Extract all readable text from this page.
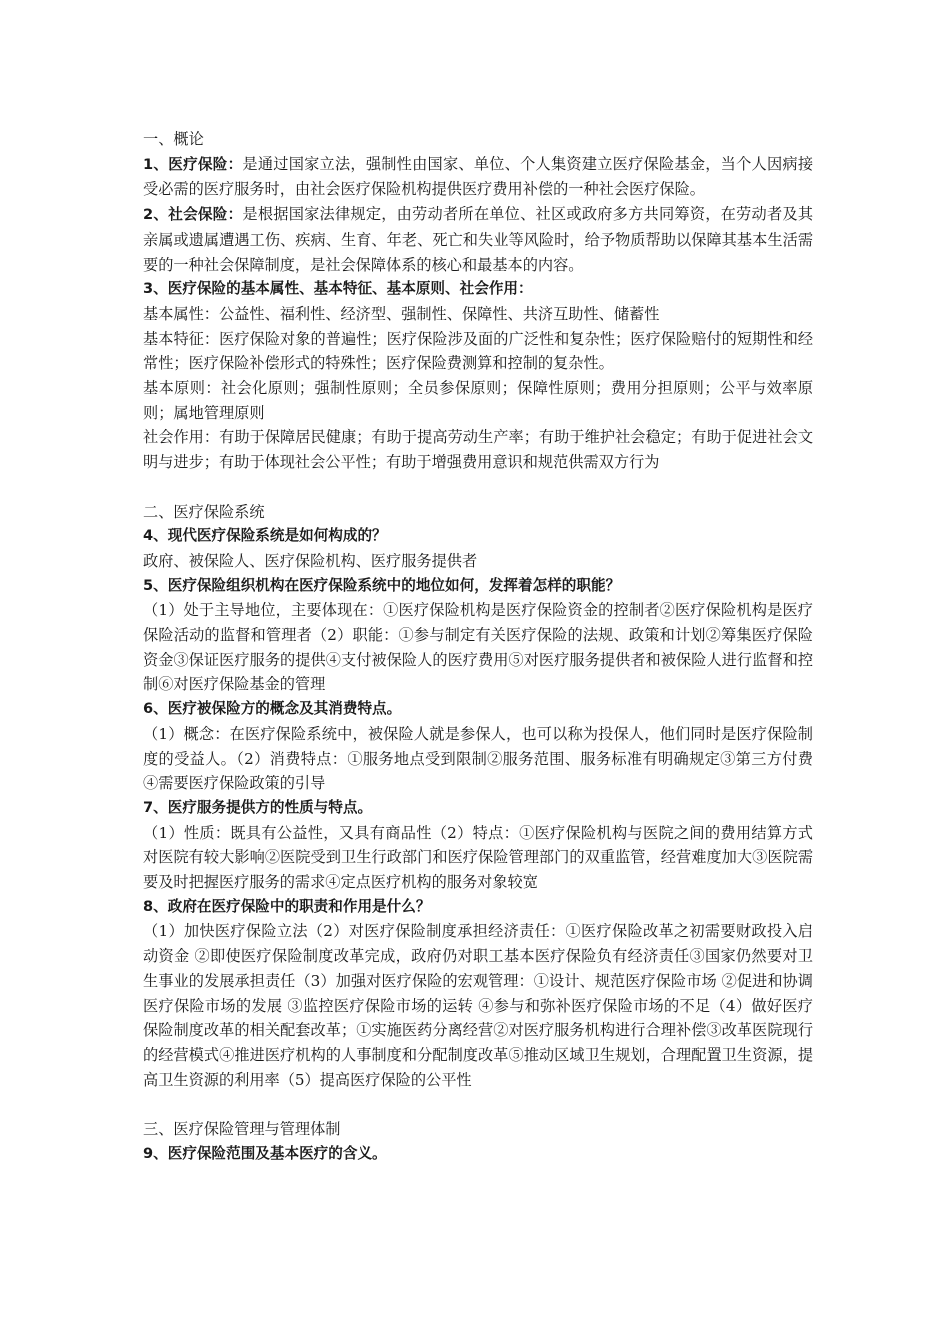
一、概论
1、医疗保险：是通过国家立法，强制性由国家、单位、个人集资建立医疗保险基金，当个人因病接受必需的医疗服务时，由社会医疗保险机构提供医疗费用补偿的一种社会医疗保险。
2、社会保险：是根据国家法律规定，由劳动者所在单位、社区或政府多方共同筹资，在劳动者及其亲属或遗属遭遇工伤、疾病、生育、年老、死亡和失业等风险时，给予物质帮助以保障其基本生活需要的一种社会保障制度，是社会保障体系的核心和最基本的内容。
3、医疗保险的基本属性、基本特征、基本原则、社会作用：
基本属性：公益性、福利性、经济型、强制性、保障性、共济互助性、储蓄性
基本特征：医疗保险对象的普遍性；医疗保险涉及面的广泛性和复杂性；医疗保险赔付的短期性和经常性；医疗保险补偿形式的特殊性；医疗保险费测算和控制的复杂性。
基本原则：社会化原则；强制性原则；全员参保原则；保障性原则；费用分担原则；公平与效率原则；属地管理原则
社会作用：有助于保障居民健康；有助于提高劳动生产率；有助于维护社会稳定；有助于促进社会文明与进步；有助于体现社会公平性；有助于增强费用意识和规范供需双方行为
二、医疗保险系统
4、现代医疗保险系统是如何构成的？
政府、被保险人、医疗保险机构、医疗服务提供者
5、医疗保险组织机构在医疗保险系统中的地位如何，发挥着怎样的职能？
（1）处于主导地位，主要体现在：①医疗保险机构是医疗保险资金的控制者②医疗保险机构是医疗保险活动的监督和管理者（2）职能：①参与制定有关医疗保险的法规、政策和计划②筹集医疗保险资金③保证医疗服务的提供④支付被保险人的医疗费用⑤对医疗服务提供者和被保险人进行监督和控制⑥对医疗保险基金的管理
6、医疗被保险方的概念及其消费特点。
（1）概念：在医疗保险系统中，被保险人就是参保人，也可以称为投保人，他们同时是医疗保险制度的受益人。（2）消费特点：①服务地点受到限制②服务范围、服务标准有明确规定③第三方付费④需要医疗保险政策的引导
7、医疗服务提供方的性质与特点。
（1）性质：既具有公益性，又具有商品性（2）特点：①医疗保险机构与医院之间的费用结算方式对医院有较大影响②医院受到卫生行政部门和医疗保险管理部门的双重监管，经营难度加大③医院需要及时把握医疗服务的需求④定点医疗机构的服务对象较宽
8、政府在医疗保险中的职责和作用是什么？
（1）加快医疗保险立法（2）对医疗保险制度承担经济责任：①医疗保险改革之初需要财政投入启动资金 ②即使医疗保险制度改革完成，政府仍对职工基本医疗保险负有经济责任③国家仍然要对卫生事业的发展承担责任（3）加强对医疗保险的宏观管理：①设计、规范医疗保险市场 ②促进和协调医疗保险市场的发展 ③监控医疗保险市场的运转 ④参与和弥补医疗保险市场的不足（4）做好医疗保险制度改革的相关配套改革；①实施医药分离经营②对医疗服务机构进行合理补偿③改革医院现行的经营模式④推进医疗机构的人事制度和分配制度改革⑤推动区域卫生规划，合理配置卫生资源，提高卫生资源的利用率（5）提高医疗保险的公平性
三、医疗保险管理与管理体制
9、医疗保险范围及基本医疗的含义。
